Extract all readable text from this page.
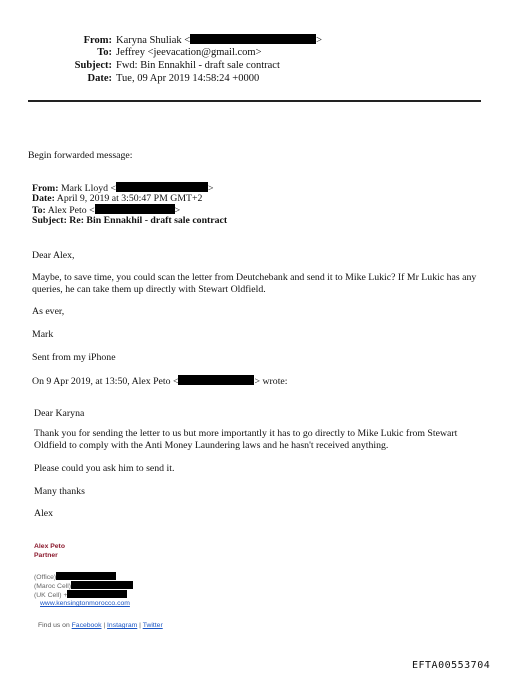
From: Karyna Shuliak <	>
To: Jeffrey <jeevacation@gmail.com>
Subject: Fwd: Bin Ennakhil - draft sale contract
Date: Tue, 09 Apr 2019 14:58:24 +0000
Begin forwarded message:
From: Mark Lloyd <	>
Date: April 9, 2019 at 3:50:47 PM GMT+2
To: Alex Peto <	>
Subject: Re: Bin Ennakhil - draft sale contract
Dear Alex,
Maybe, to save time, you could scan the letter from Deutchebank and send it to Mike Lukic? If Mr Lukic has any queries, he can take them up directly with Stewart Oldfield.
As ever,
Mark
Sent from my iPhone
On 9 Apr 2019, at 13:50, Alex Peto <	> wrote:
Dear Karyna
Thank you for sending the letter to us but more importantly it has to go directly to Mike Lukic from Stewart Oldfield to comply with the Anti Money Laundering laws and he hasn't received anything.
Please could you ask him to send it.
Many thanks
Alex
Alex Peto
Partner
(Office)
(Maroc Cell)
(UK Cell) +
www.kensingtonmorocco.com
Find us on Facebook | Instagram | Twitter
EFTA00553704
